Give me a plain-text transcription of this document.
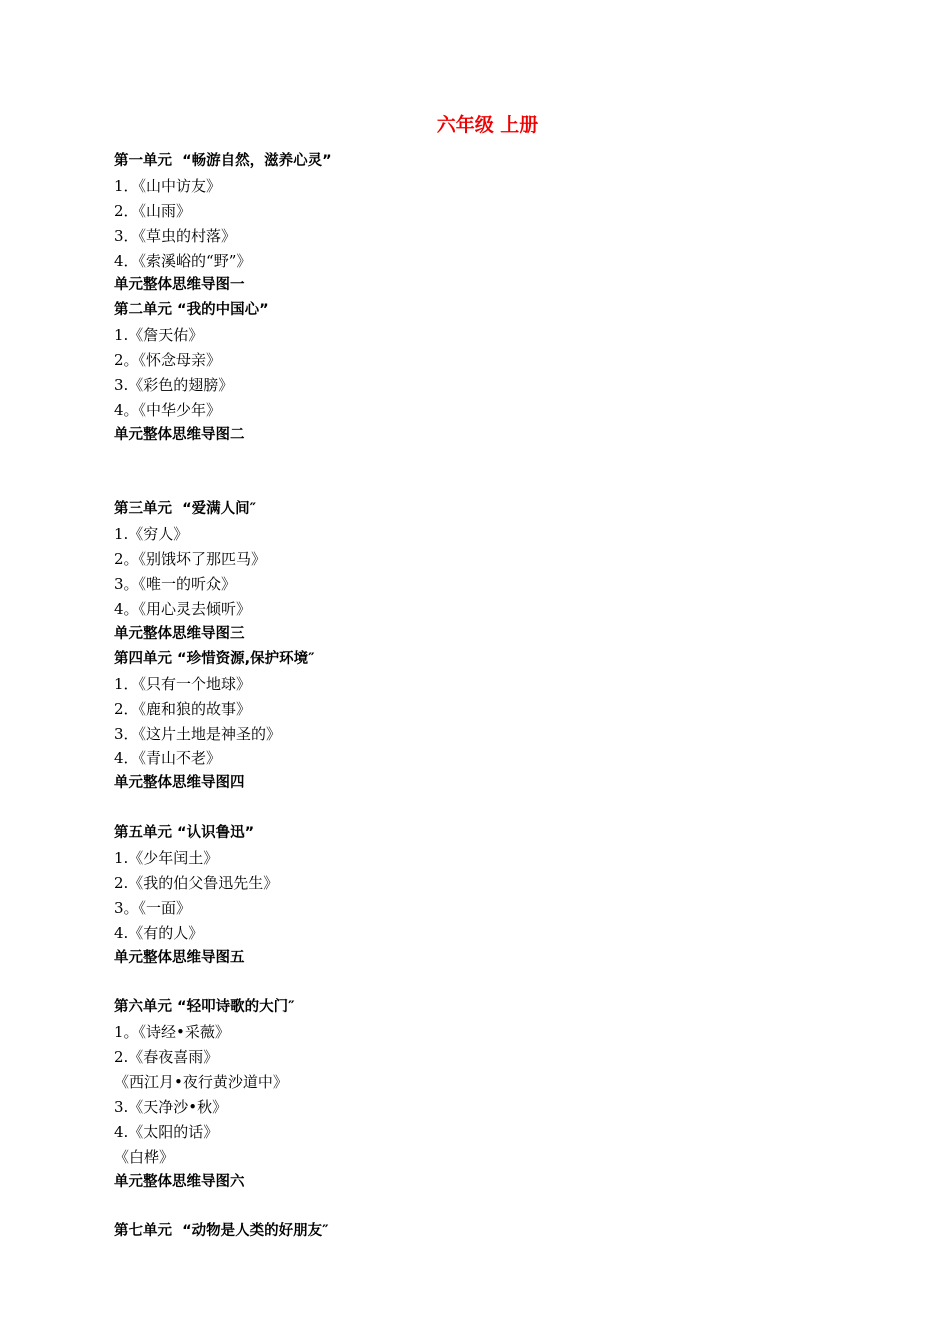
六年级 上册
第一单元  “畅游自然，滋养心灵”
1．《山中访友》
2．《山雨》
3．《草虫的村落》
4．《索溪峪的“野”》
单元整体思维导图一
第二单元 “我的中国心”
1.《詹天佑》
2。《怀念母亲》
3.《彩色的翅膀》
4。《中华少年》
单元整体思维导图二
第三单元  “爱满人间″
1.《穷人》
2。《别饿坏了那匹马》
3。《唯一的听众》
4。《用心灵去倾听》
单元整体思维导图三
第四单元 “珍惜资源,保护环境″
1．《只有一个地球》
2．《鹿和狼的故事》
3．《这片土地是神圣的》
4．《青山不老》
单元整体思维导图四
第五单元 “认识鲁迅”
1.《少年闰土》
2.《我的伯父鲁迅先生》
3。《一面》
4.《有的人》
单元整体思维导图五
第六单元 “轻叩诗歌的大门″
1。《诗经•采薇》
2.《春夜喜雨》
《西江月•夜行黄沙道中》
3.《天净沙•秋》
4.《太阳的话》
《白桦》
单元整体思维导图六
第七单元  “动物是人类的好朋友″
